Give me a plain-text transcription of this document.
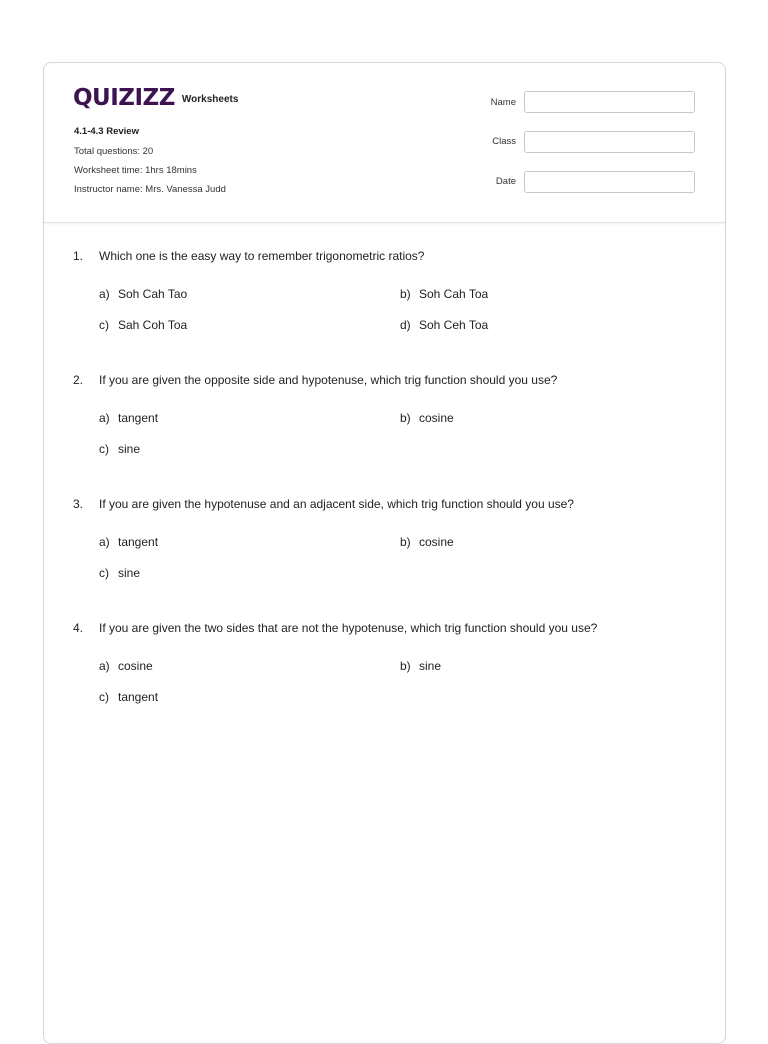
QUIZIZZ Worksheets
4.1-4.3 Review
Total questions: 20
Worksheet time: 1hrs 18mins
Instructor name: Mrs. Vanessa Judd
Name
Class
Date
1. Which one is the easy way to remember trigonometric ratios?
a) Soh Cah Tao	b) Soh Cah Toa
c) Sah Coh Toa	d) Soh Ceh Toa
2. If you are given the opposite side and hypotenuse, which trig function should you use?
a) tangent	b) cosine
c) sine
3. If you are given the hypotenuse and an adjacent side, which trig function should you use?
a) tangent	b) cosine
c) sine
4. If you are given the two sides that are not the hypotenuse, which trig function should you use?
a) cosine	b) sine
c) tangent
